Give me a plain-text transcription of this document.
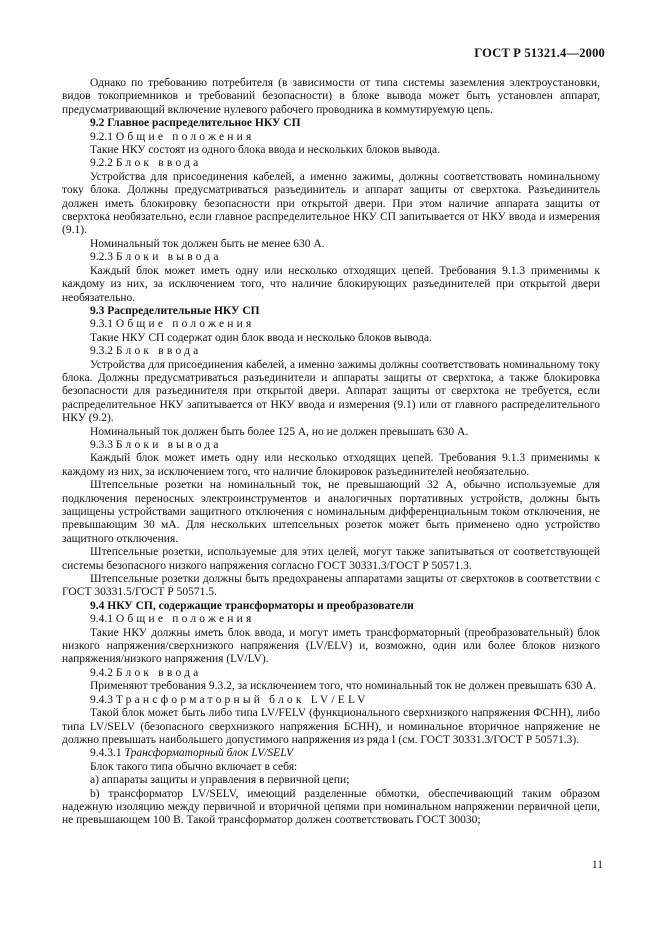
ГОСТ Р 51321.4—2000
Однако по требованию потребителя (в зависимости от типа системы заземления электроустановки, видов токоприемников и требований безопасности) в блоке вывода может быть установлен аппарат, предусматривающий включение нулевого рабочего проводника в коммутируемую цепь.
9.2 Главное распределительное НКУ СП
9.2.1 Общие положения
Такие НКУ состоят из одного блока ввода и нескольких блоков вывода.
9.2.2 Блок ввода
Устройства для присоединения кабелей, а именно зажимы, должны соответствовать номинальному току блока. Должны предусматриваться разъединитель и аппарат защиты от сверхтока. Разъединитель должен иметь блокировку безопасности при открытой двери. При этом наличие аппарата защиты от сверхтока необязательно, если главное распределительное НКУ СП запитывается от НКУ ввода и измерения (9.1).
Номинальный ток должен быть не менее 630 А.
9.2.3 Блоки вывода
Каждый блок может иметь одну или несколько отходящих цепей. Требования 9.1.3 применимы к каждому из них, за исключением того, что наличие блокирующих разъединителей при открытой двери необязательно.
9.3 Распределительные НКУ СП
9.3.1 Общие положения
Такие НКУ СП содержат один блок ввода и несколько блоков вывода.
9.3.2 Блок ввода
Устройства для присоединения кабелей, а именно зажимы должны соответствовать номинальному току блока. Должны предусматриваться разъединители и аппараты защиты от сверхтока, а также блокировка безопасности для разъединителя при открытой двери. Аппарат защиты от сверхтока не требуется, если распределительное НКУ запитывается от НКУ ввода и измерения (9.1) или от главного распределительного НКУ (9.2).
Номинальный ток должен быть более 125 А, но не должен превышать 630 А.
9.3.3 Блоки вывода
Каждый блок может иметь одну или несколько отходящих цепей. Требования 9.1.3 применимы к каждому из них, за исключением того, что наличие блокировок разъединителей необязательно.
Штепсельные розетки на номинальный ток, не превышающий 32 А, обычно используемые для подключения переносных электроинструментов и аналогичных портативных устройств, должны быть защищены устройствами защитного отключения с номинальным дифференциальным током отключения, не превышающим 30 мА. Для нескольких штепсельных розеток может быть применено одно устройство защитного отключения.
Штепсельные розетки, используемые для этих целей, могут также запитываться от соответствующей системы безопасного низкого напряжения согласно ГОСТ 30331.3/ГОСТ Р 50571.3.
Штепсельные розетки должны быть предохранены аппаратами защиты от сверхтоков в соответствии с ГОСТ 30331.5/ГОСТ Р 50571.5.
9.4 НКУ СП, содержащие трансформаторы и преобразователи
9.4.1 Общие положения
Такие НКУ должны иметь блок ввода, и могут иметь трансформаторный (преобразовательный) блок низкого напряжения/сверхнизкого напряжения (LV/ELV) и, возможно, один или более блоков низкого напряжения/низкого напряжения (LV/LV).
9.4.2 Блок ввода
Применяют требования 9.3.2, за исключением того, что номинальный ток не должен превышать 630 А.
9.4.3 Трансформаторный блок LV/ELV
Такой блок может быть либо типа LV/FELV (функционального сверхнизкого напряжения ФСНН), либо типа LV/SELV (безопасного сверхнизкого напряжения БСНН), и номинальное вторичное напряжение не должно превышать наибольшего допустимого напряжения из ряда I (см. ГОСТ 30331.3/ГОСТ Р 50571.3).
9.4.3.1 Трансформаторный блок LV/SELV
Блок такого типа обычно включает в себя:
а) аппараты защиты и управления в первичной цепи;
b) трансформатор LV/SELV, имеющий разделенные обмотки, обеспечивающий таким образом надежную изоляцию между первичной и вторичной цепями при номинальном напряжении первичной цепи, не превышающем 100 В. Такой трансформатор должен соответствовать ГОСТ 30030;
11
